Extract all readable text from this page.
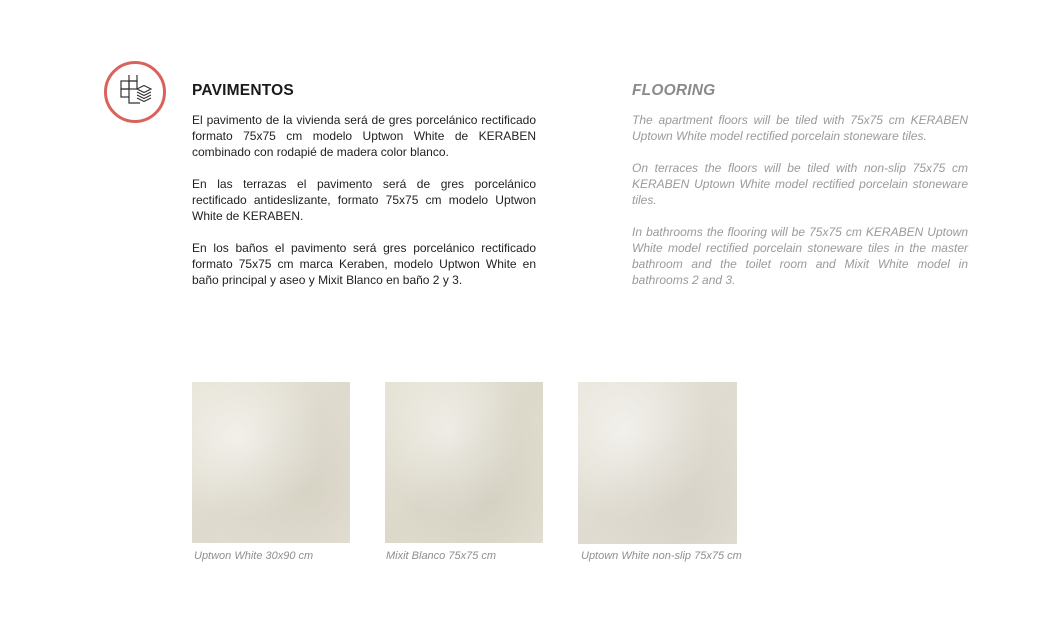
PAVIMENTOS

El pavimento de la vivienda será de gres porcelánico rectificado formato 75x75 cm modelo Uptwon White de KERABEN combinado con rodapié de madera color blanco.

En las terrazas el pavimento será de gres porcelánico rectificado antideslizante, formato 75x75 cm modelo Uptwon White de KERABEN.

En los baños el pavimento será gres porcelánico rectificado formato 75x75 cm marca Keraben, modelo Uptwon White en baño principal y aseo y Mixit Blanco en baño 2 y 3.

FLOORING

The apartment floors will be tiled with 75x75 cm KERABEN Uptown White model rectified porcelain stoneware tiles.

On terraces the floors will be tiled with non-slip 75x75 cm KERABEN Uptown White model rectified porcelain stoneware tiles.

In bathrooms the flooring will be 75x75 cm KERABEN Uptown White model rectified porcelain stoneware tiles in the master bathroom and the toilet room and Mixit White model in bathrooms 2 and 3.

Uptwon White 30x90 cm	Mixit Blanco 75x75 cm	Uptown White non-slip 75x75 cm
